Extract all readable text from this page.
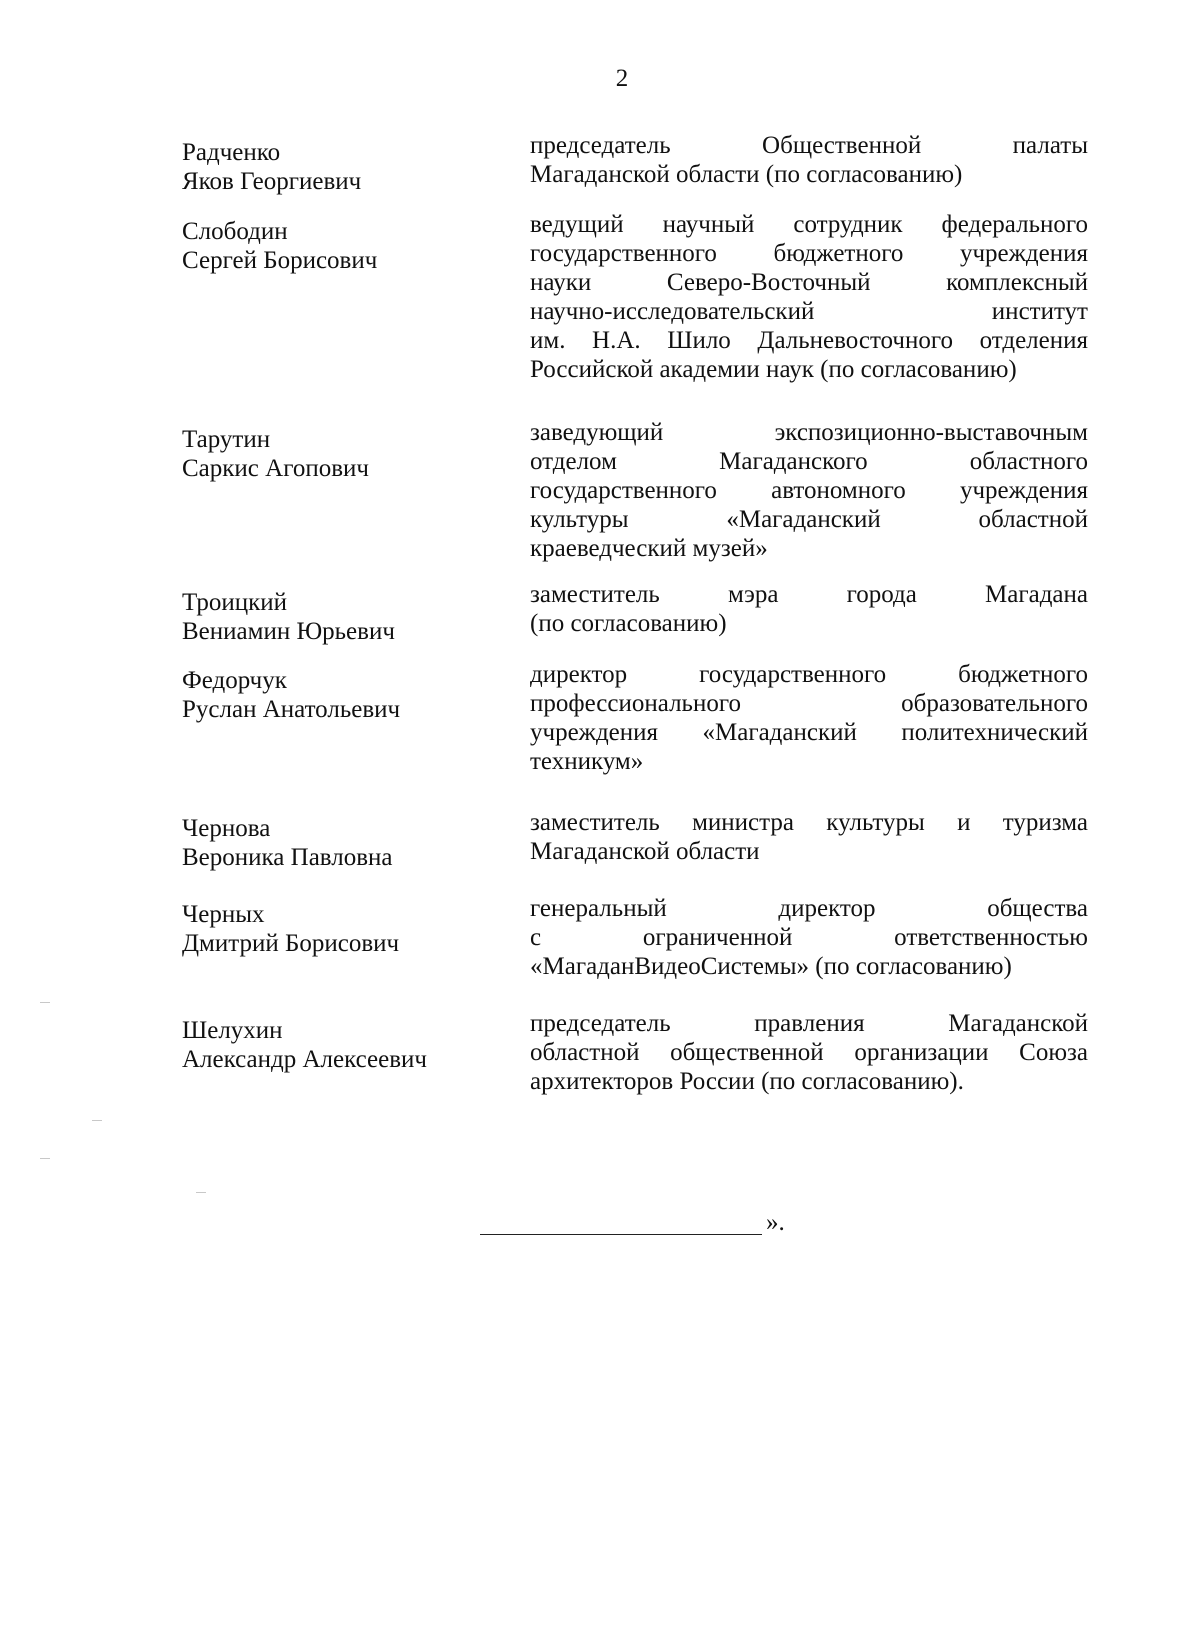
2
Радченко
Яков Георгиевич
председатель Общественной палаты
Магаданской области (по согласованию)
Слободин
Сергей Борисович
ведущий научный сотрудник федерального
государственного бюджетного учреждения
науки Северо-Восточный комплексный
научно-исследовательский институт
им. Н.А. Шило Дальневосточного отделения
Российской академии наук (по согласованию)
Тарутин
Саркис Агопович
заведующий экспозиционно-выставочным
отделом Магаданского областного
государственного автономного учреждения
культуры «Магаданский областной
краеведческий музей»
Троицкий
Вениамин Юрьевич
заместитель мэра города Магадана
(по согласованию)
Федорчук
Руслан Анатольевич
директор государственного бюджетного
профессионального образовательного
учреждения «Магаданский политехнический
техникум»
Чернова
Вероника Павловна
заместитель министра культуры и туризма
Магаданской области
Черных
Дмитрий Борисович
генеральный директор общества
с ограниченной ответственностью
«МагаданВидеоСистемы» (по согласованию)
Шелухин
Александр Алексеевич
председатель правления Магаданской
областной общественной организации Союза
архитекторов России (по согласованию).
».
